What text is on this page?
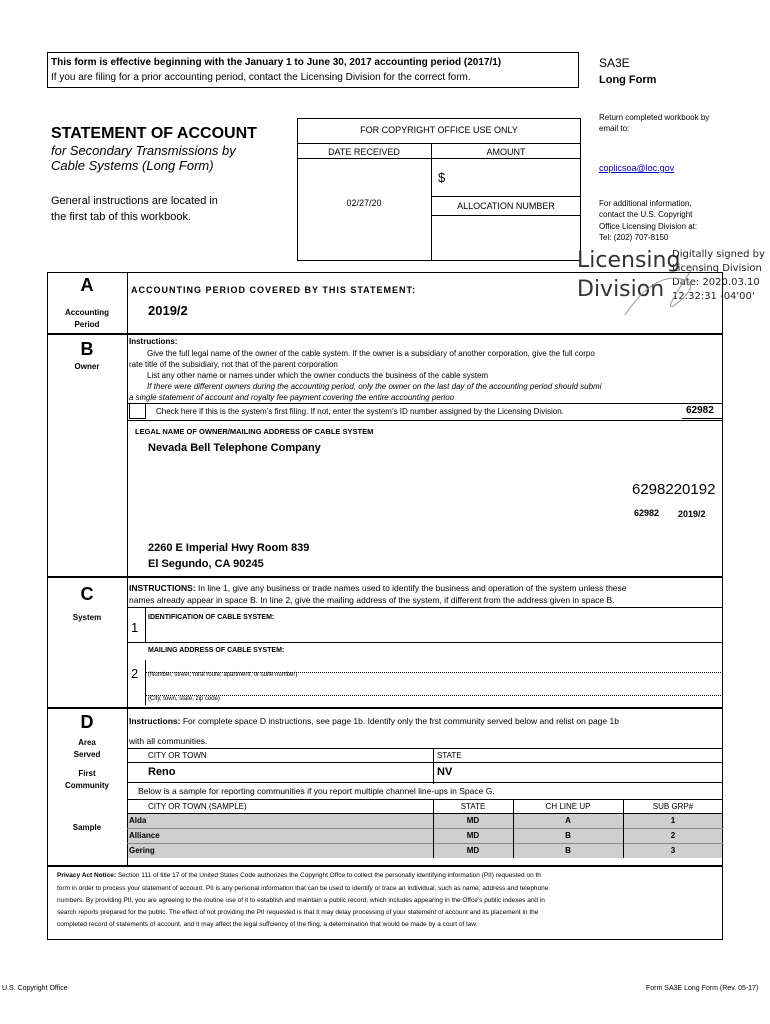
This form is effective beginning with the January 1 to June 30, 2017 accounting period (2017/1)
If you are filing for a prior accounting period, contact the Licensing Division for the correct form.
SA3E
Long Form
Return completed workbook by email to:
coplicsoa@loc.gov
For additional information,
contact the U.S. Copyright
Office Licensing Division at:
Tel: (202) 707-8150
STATEMENT OF ACCOUNT
for Secondary Transmissions by
Cable Systems (Long Form)
General instructions are located in
the first tab of this workbook.
FOR COPYRIGHT OFFICE USE ONLY
DATE RECEIVED	AMOUNT
$
02/27/20	ALLOCATION NUMBER
Licensing
Division
Digitally signed by
Licensing Division
Date: 2020.03.10
12:32:31 -04'00'
A
Accounting
Period
ACCOUNTING PERIOD COVERED BY THIS STATEMENT:
2019/2
B
Owner
Instructions:
Give the full legal name of the owner of the cable system. If the owner is a subsidiary of another corporation, give the full corpo
rate title of the subsidiary, not that of the parent corporation
List any other name or names under which the owner conducts the business of the cable system
If there were different owners during the accounting period, only the owner on the last day of the accounting period should submi
a single statement of account and royalty fee payment covering the entire accounting perioo
Check here if this is the system’s first filing. If not, enter the system’s ID number assigned by the Licensing Division.	62982
LEGAL NAME OF OWNER/MAILING ADDRESS OF CABLE SYSTEM
Nevada Bell Telephone Company
6298220192
62982 2019/2
2260 E Imperial Hwy Room 839
El Segundo, CA 90245
C
System
INSTRUCTIONS: In line 1, give any business or trade names used to identify the business and operation of the system unless these
names already appear in space B. In line 2, give the mailing address of the system, if different from the address given in space B.
1
IDENTIFICATION OF CABLE SYSTEM:
MAILING ADDRESS OF CABLE SYSTEM:
2 (Number, street, rural route, apartment, or suite number)
(City, town, state, zip code)
D
Area
Served
First
Community
Sample
Instructions: For complete space D instructions, see page 1b. Identify only the frst community served below and relist on page 1b
with all communities.
CITY OR TOWN	STATE
Reno	NV
Below is a sample for reporting communities if you report multiple channel line-ups in Space G.
CITY OR TOWN (SAMPLE)	STATE	CH LINE UP	SUB GRP#
Alda	MD	A	1
Alliance	MD	B	2
Gering	MD	B	3
Privacy Act Notice: Section 111 of title 17 of the United States Code authorizes the Copyright Offce to collect the personally identifying information (PII) requested on th
form in order to process your statement of account. PII is any personal information that can be used to identify or trace an individual, such as name, address and telephone
numbers. By providing PII, you are agreeing to the routine use of it to establish and maintain a public record, which includes appearing in the Offce’s public indexes and in
search reports prepared for the public. The effect of not providing the PII requested is that it may delay processing of your statement of account and its placement in the
completed record of statements of account, and it may affect the legal suffciency of the fling, a determination that would be made by a court of law.
U.S. Copyright Office	Form SA3E Long Form (Rev. 05-17)
